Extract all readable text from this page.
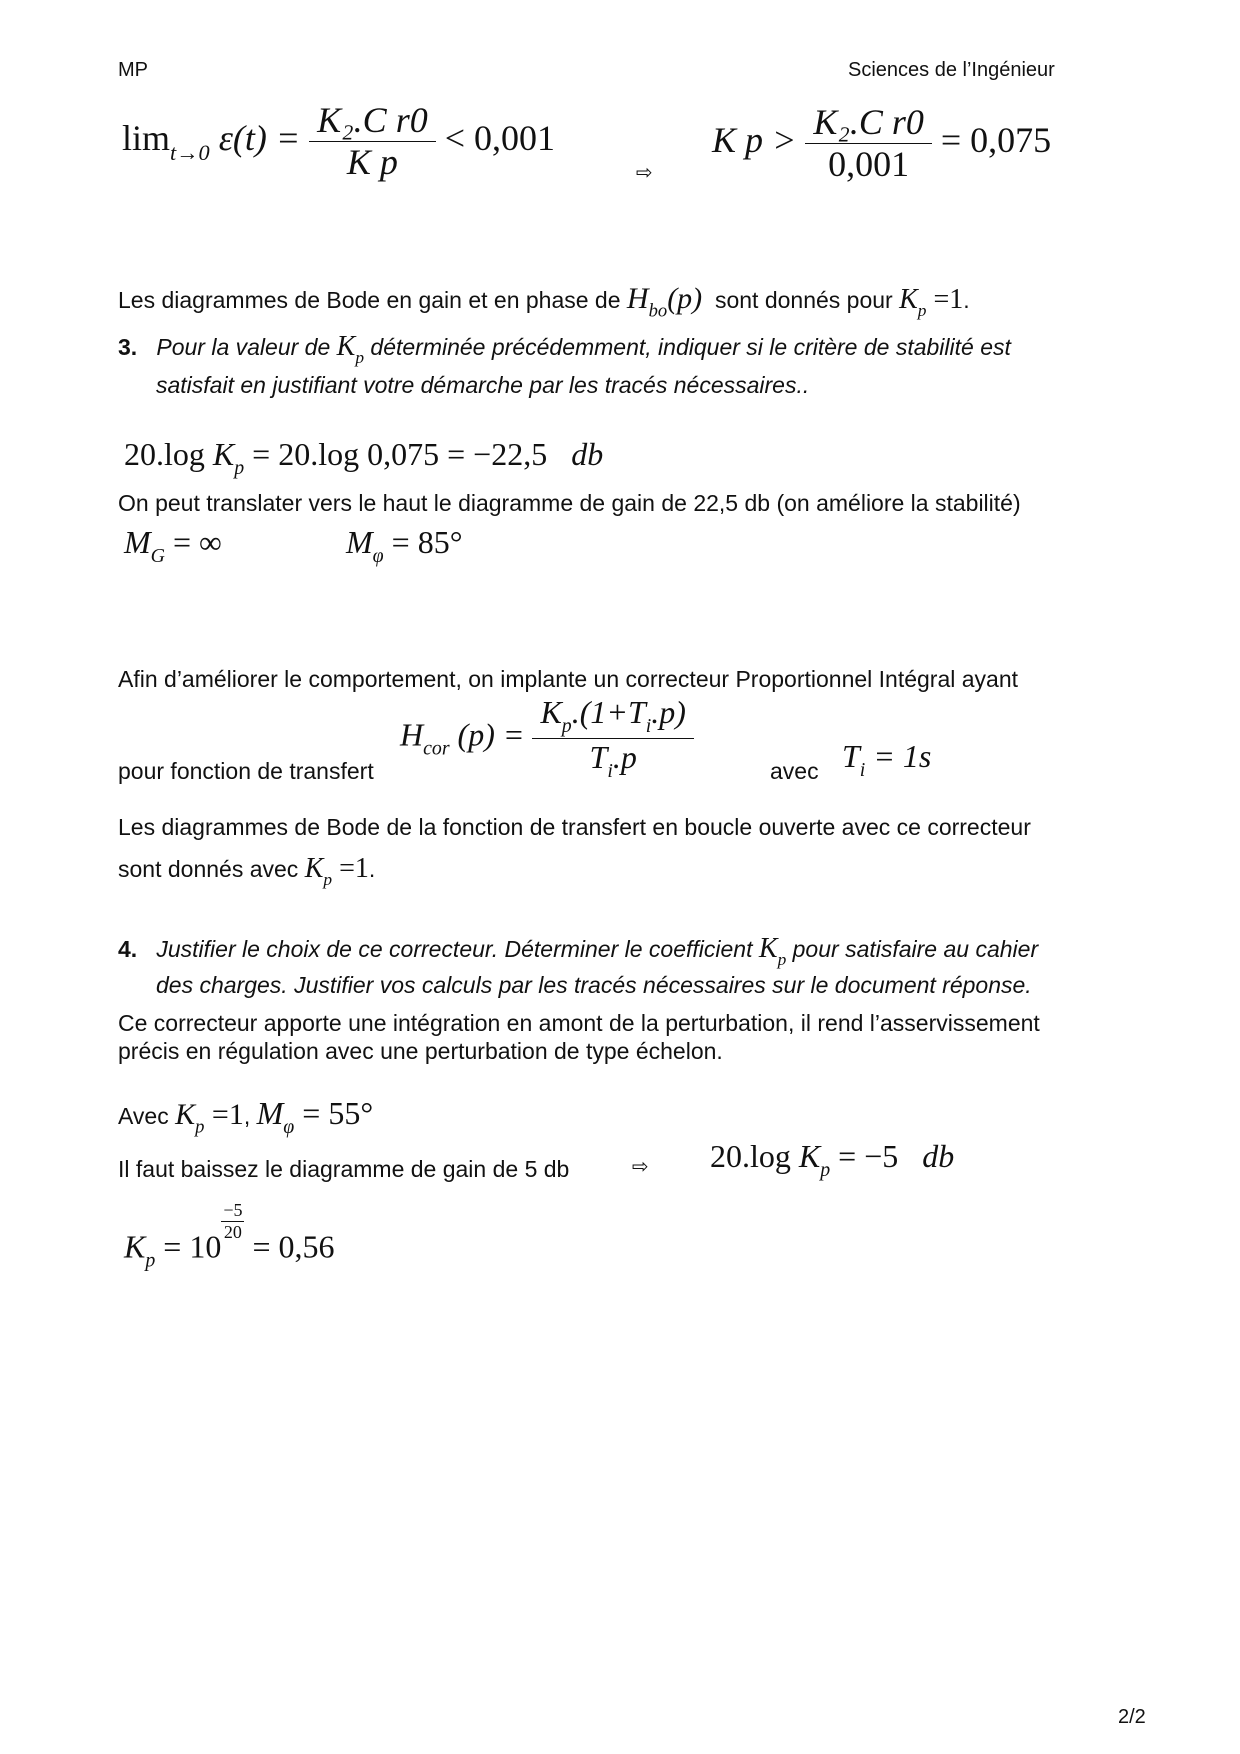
MP	Sciences de l’Ingénieur
$\lim_{t\to 0} \varepsilon(t) = \frac{\text{K₂.C r0}}{\text{K p}} < 0,001$
⇨
K $p > \frac{\text{K₂.C r0}}{0,001} = 0,075$
Les diagrammes de Bode en gain et en phase de $H_{bo}(p)$ sont donnés pour $K_p =1$.
3. Pour la valeur de $K_p$ déterminée précédemment, indiquer si le critère de stabilité est
satisfait en justifiant votre démarche par les tracés nécessaires..
20.log $K_p = 20.\log$ 0,075 = −22,5 db
On peut translater vers le haut le diagramme de gain de 22,5 db (on améliore la stabilité)
$M_G$ = ∞	$M_\varphi = 85^\circ$
Afin d’améliorer le comportement, on implante un correcteur Proportionnel Intégral ayant
pour fonction de transfert
$H_{cor}$ $(p) = \frac{K_p.(1+T_i.p)}{T_i.p}$	avec $T_i = 1s$
Les diagrammes de Bode de la fonction de transfert en boucle ouverte avec ce correcteur
sont donnés avec $K_p =1$.
4. Justifier le choix de ce correcteur. Déterminer le coefficient $K_p$ pour satisfaire au cahier
des charges. Justifier vos calculs par les tracés nécessaires sur le document réponse.
Ce correcteur apporte une intégration en amont de la perturbation, il rend l’asservissement
précis en régulation avec une perturbation de type échelon.
Avec $K_p =1$, $M_\varphi = 55^\circ$
Il faut baissez le diagramme de gain de 5 db	⇨ 20.log $K_p = -5$ db
$K_p = 10$
$\frac{-5}{20}$
= 0,56
2/2
